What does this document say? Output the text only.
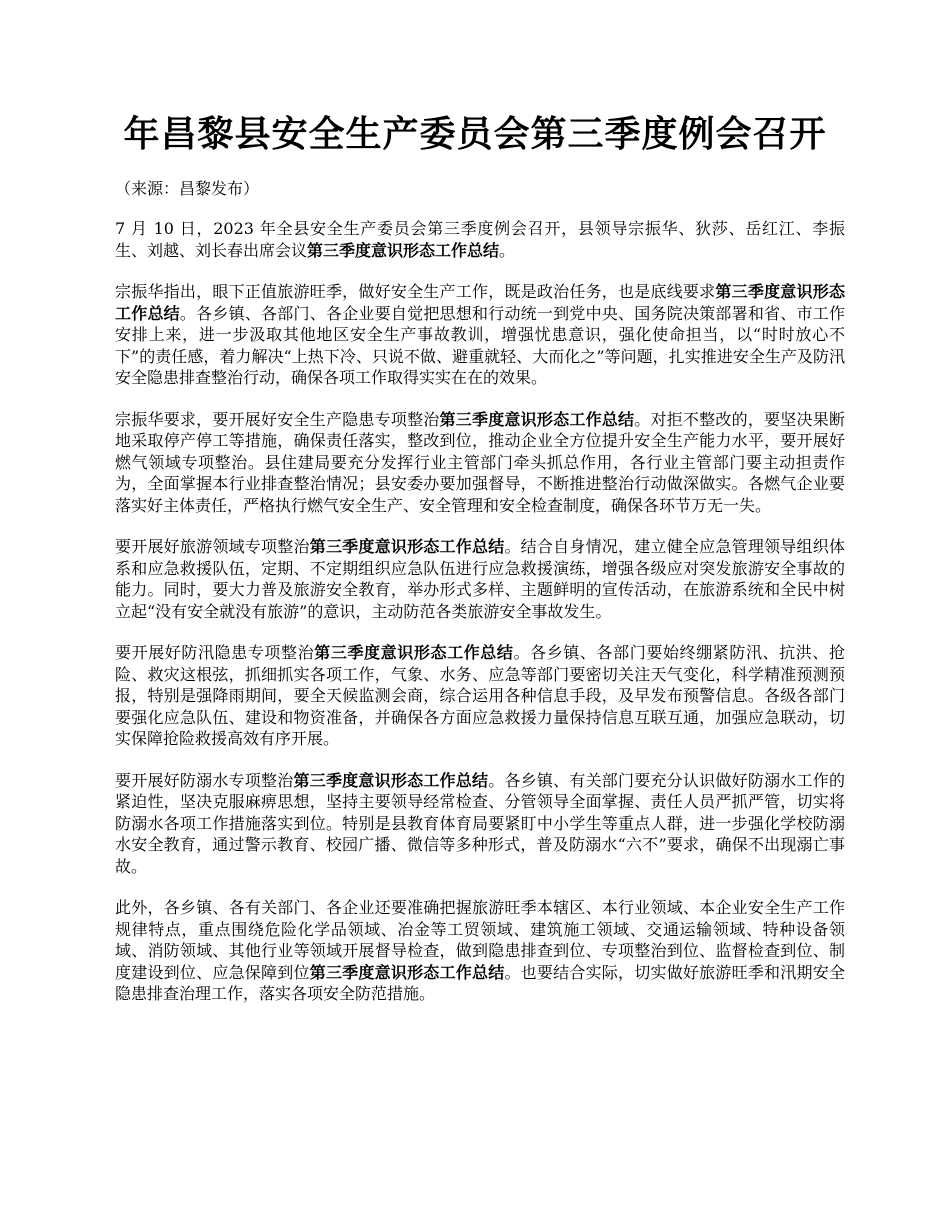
年昌黎县安全生产委员会第三季度例会召开

（来源：昌黎发布）

7 月 10 日，2023 年全县安全生产委员会第三季度例会召开，县领导宗振华、狄莎、岳红江、李振生、刘越、刘长春出席会议第三季度意识形态工作总结。

宗振华指出，眼下正值旅游旺季，做好安全生产工作，既是政治任务，也是底线要求第三季度意识形态工作总结。各乡镇、各部门、各企业要自觉把思想和行动统一到党中央、国务院决策部署和省、市工作安排上来，进一步汲取其他地区安全生产事故教训，增强忧患意识，强化使命担当，以“时时放心不下”的责任感，着力解决“上热下冷、只说不做、避重就轻、大而化之”等问题，扎实推进安全生产及防汛安全隐患排查整治行动，确保各项工作取得实实在在的效果。

宗振华要求，要开展好安全生产隐患专项整治第三季度意识形态工作总结。对拒不整改的，要坚决果断地采取停产停工等措施，确保责任落实，整改到位，推动企业全方位提升安全生产能力水平，要开展好燃气领域专项整治。县住建局要充分发挥行业主管部门牵头抓总作用，各行业主管部门要主动担责作为，全面掌握本行业排查整治情况；县安委办要加强督导，不断推进整治行动做深做实。各燃气企业要落实好主体责任，严格执行燃气安全生产、安全管理和安全检查制度，确保各环节万无一失。

要开展好旅游领域专项整治第三季度意识形态工作总结。结合自身情况，建立健全应急管理领导组织体系和应急救援队伍，定期、不定期组织应急队伍进行应急救援演练，增强各级应对突发旅游安全事故的能力。同时，要大力普及旅游安全教育，举办形式多样、主题鲜明的宣传活动，在旅游系统和全民中树立起“没有安全就没有旅游”的意识，主动防范各类旅游安全事故发生。

要开展好防汛隐患专项整治第三季度意识形态工作总结。各乡镇、各部门要始终绷紧防汛、抗洪、抢险、救灾这根弦，抓细抓实各项工作，气象、水务、应急等部门要密切关注天气变化，科学精准预测预报，特别是强降雨期间，要全天候监测会商，综合运用各种信息手段，及早发布预警信息。各级各部门要强化应急队伍、建设和物资准备，并确保各方面应急救援力量保持信息互联互通，加强应急联动，切实保障抢险救援高效有序开展。

要开展好防溺水专项整治第三季度意识形态工作总结。各乡镇、有关部门要充分认识做好防溺水工作的紧迫性，坚决克服麻痹思想，坚持主要领导经常检查、分管领导全面掌握、责任人员严抓严管，切实将防溺水各项工作措施落实到位。特别是县教育体育局要紧盯中小学生等重点人群，进一步强化学校防溺水安全教育，通过警示教育、校园广播、微信等多种形式，普及防溺水“六不”要求，确保不出现溺亡事故。

此外，各乡镇、各有关部门、各企业还要准确把握旅游旺季本辖区、本行业领域、本企业安全生产工作规律特点，重点围绕危险化学品领域、冶金等工贸领域、建筑施工领域、交通运输领域、特种设备领域、消防领域、其他行业等领域开展督导检查，做到隐患排查到位、专项整治到位、监督检查到位、制度建设到位、应急保障到位第三季度意识形态工作总结。也要结合实际，切实做好旅游旺季和汛期安全隐患排查治理工作，落实各项安全防范措施。
